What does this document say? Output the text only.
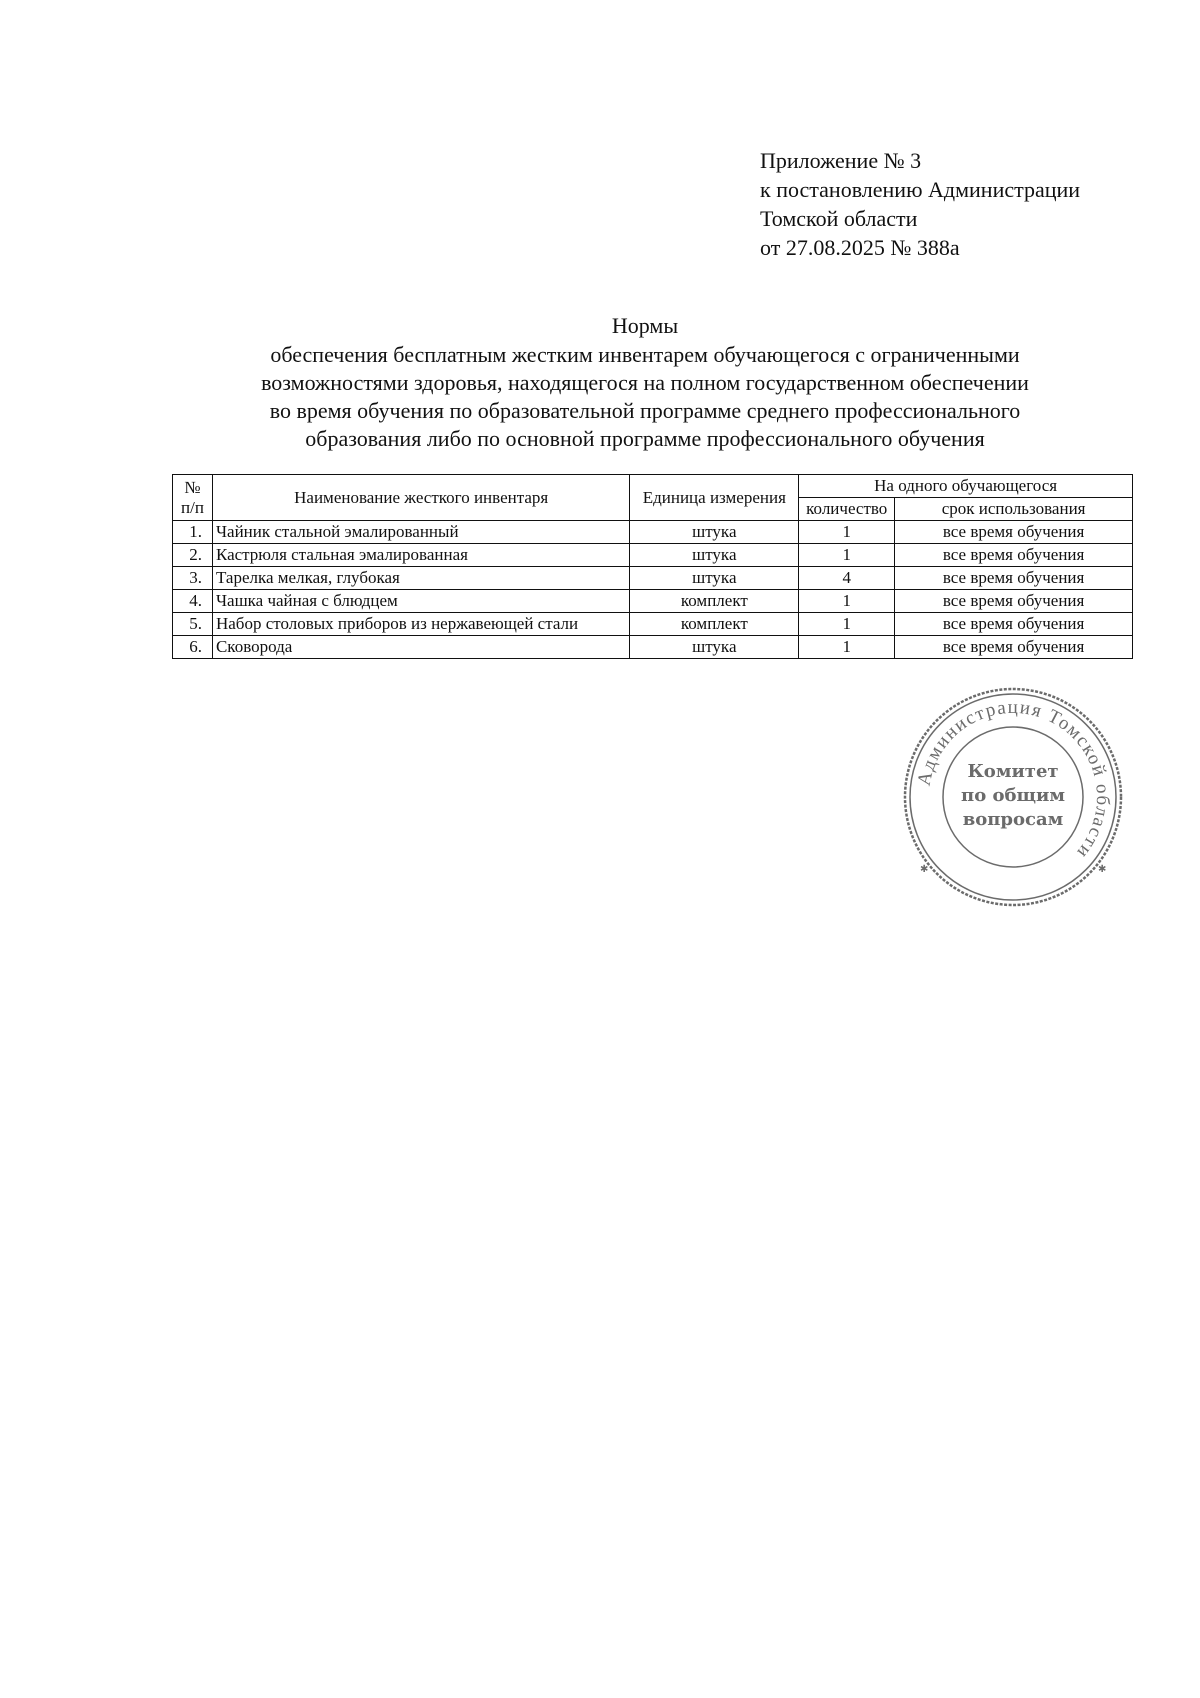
Приложение № 3
к постановлению Администрации
Томской области
от 27.08.2025 № 388а
Нормы
обеспечения бесплатным жестким инвентарем обучающегося с ограниченными
возможностями здоровья, находящегося на полном государственном обеспечении
во время обучения по образовательной программе среднего профессионального
образования либо по основной программе профессионального обучения
№
п/п	Наименование жесткого инвентаря	Единица измерения	На одного обучающегося	
			количество	срок использования
1.	Чайник стальной эмалированный	штука	1	все время обучения
2.	Кастрюля стальная эмалированная	штука	1	все время обучения
3.	Тарелка мелкая, глубокая	штука	4	все время обучения
4.	Чашка чайная с блюдцем	комплект	1	все время обучения
5.	Набор столовых приборов из нержавеющей стали	комплект	1	все время обучения
6.	Сковорода	штука	1	все время обучения
Администрация Томской области
Комитет
по общим
вопросам
✱	✱
